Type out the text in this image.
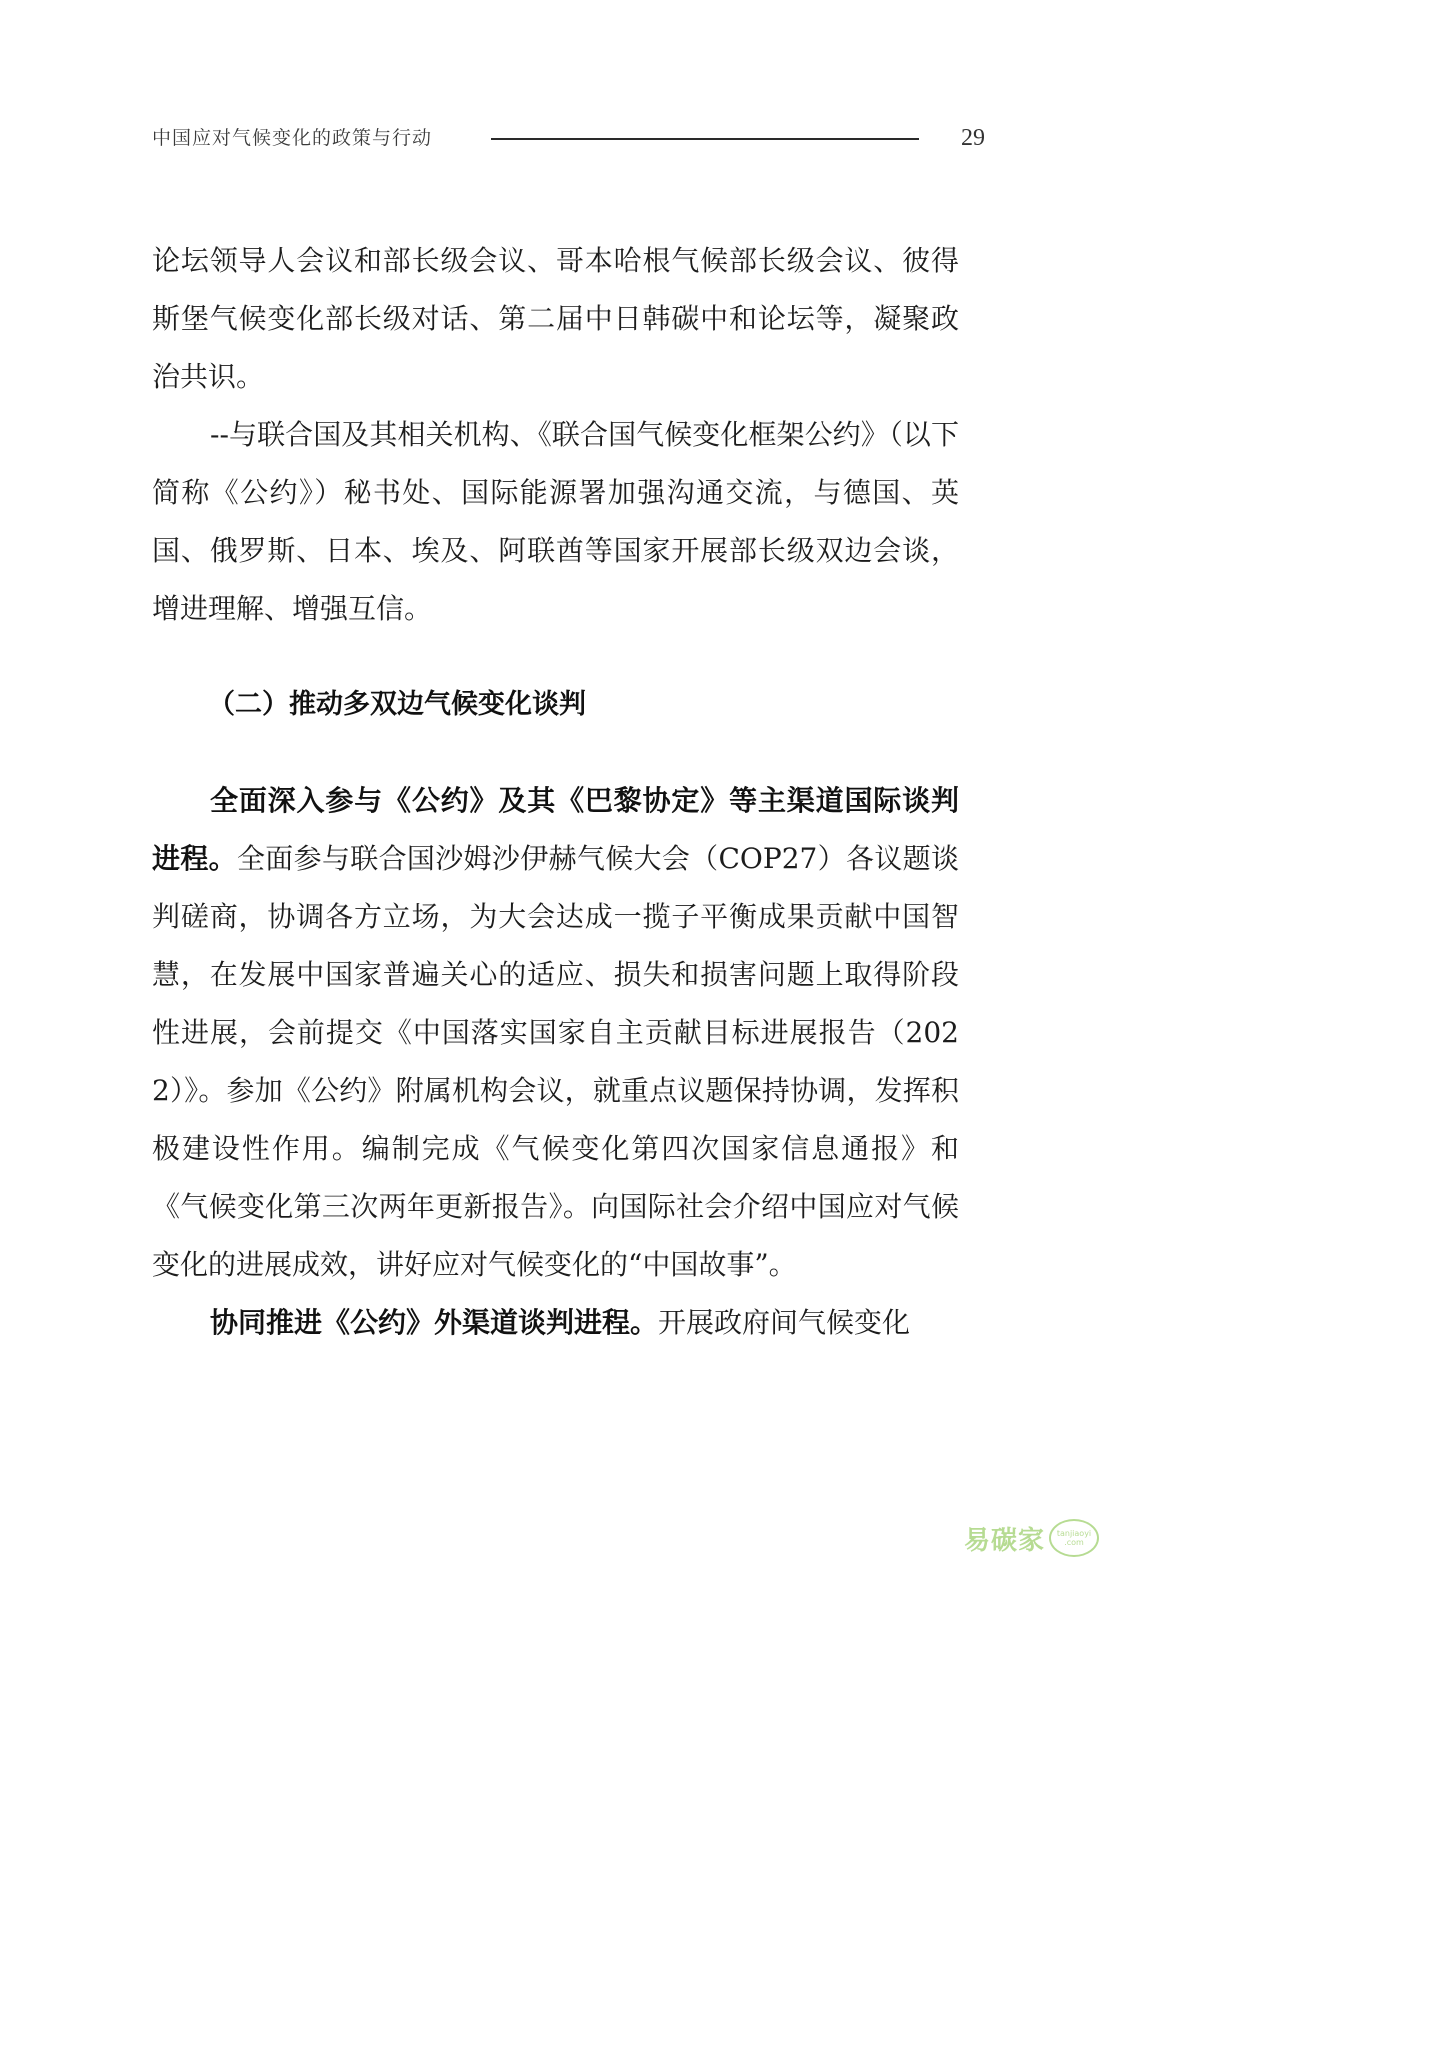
中国应对气候变化的政策与行动	29

论坛领导人会议和部长级会议、哥本哈根气候部长级会议、彼得斯堡气候变化部长级对话、第二届中日韩碳中和论坛等，凝聚政治共识。

--与联合国及其相关机构、《联合国气候变化框架公约》（以下简称《公约》）秘书处、国际能源署加强沟通交流，与德国、英国、俄罗斯、日本、埃及、阿联酋等国家开展部长级双边会谈，增进理解、增强互信。

（二）推动多双边气候变化谈判

全面深入参与《公约》及其《巴黎协定》等主渠道国际谈判进程。全面参与联合国沙姆沙伊赫气候大会（COP27）各议题谈判磋商，协调各方立场，为大会达成一揽子平衡成果贡献中国智慧，在发展中国家普遍关心的适应、损失和损害问题上取得阶段性进展，会前提交《中国落实国家自主贡献目标进展报告（2022）》。参加《公约》附属机构会议，就重点议题保持协调，发挥积极建设性作用。编制完成《气候变化第四次国家信息通报》和《气候变化第三次两年更新报告》。向国际社会介绍中国应对气候变化的进展成效，讲好应对气候变化的“中国故事”。

协同推进《公约》外渠道谈判进程。开展政府间气候变化

易碳家 tanjiaoyi
.com
